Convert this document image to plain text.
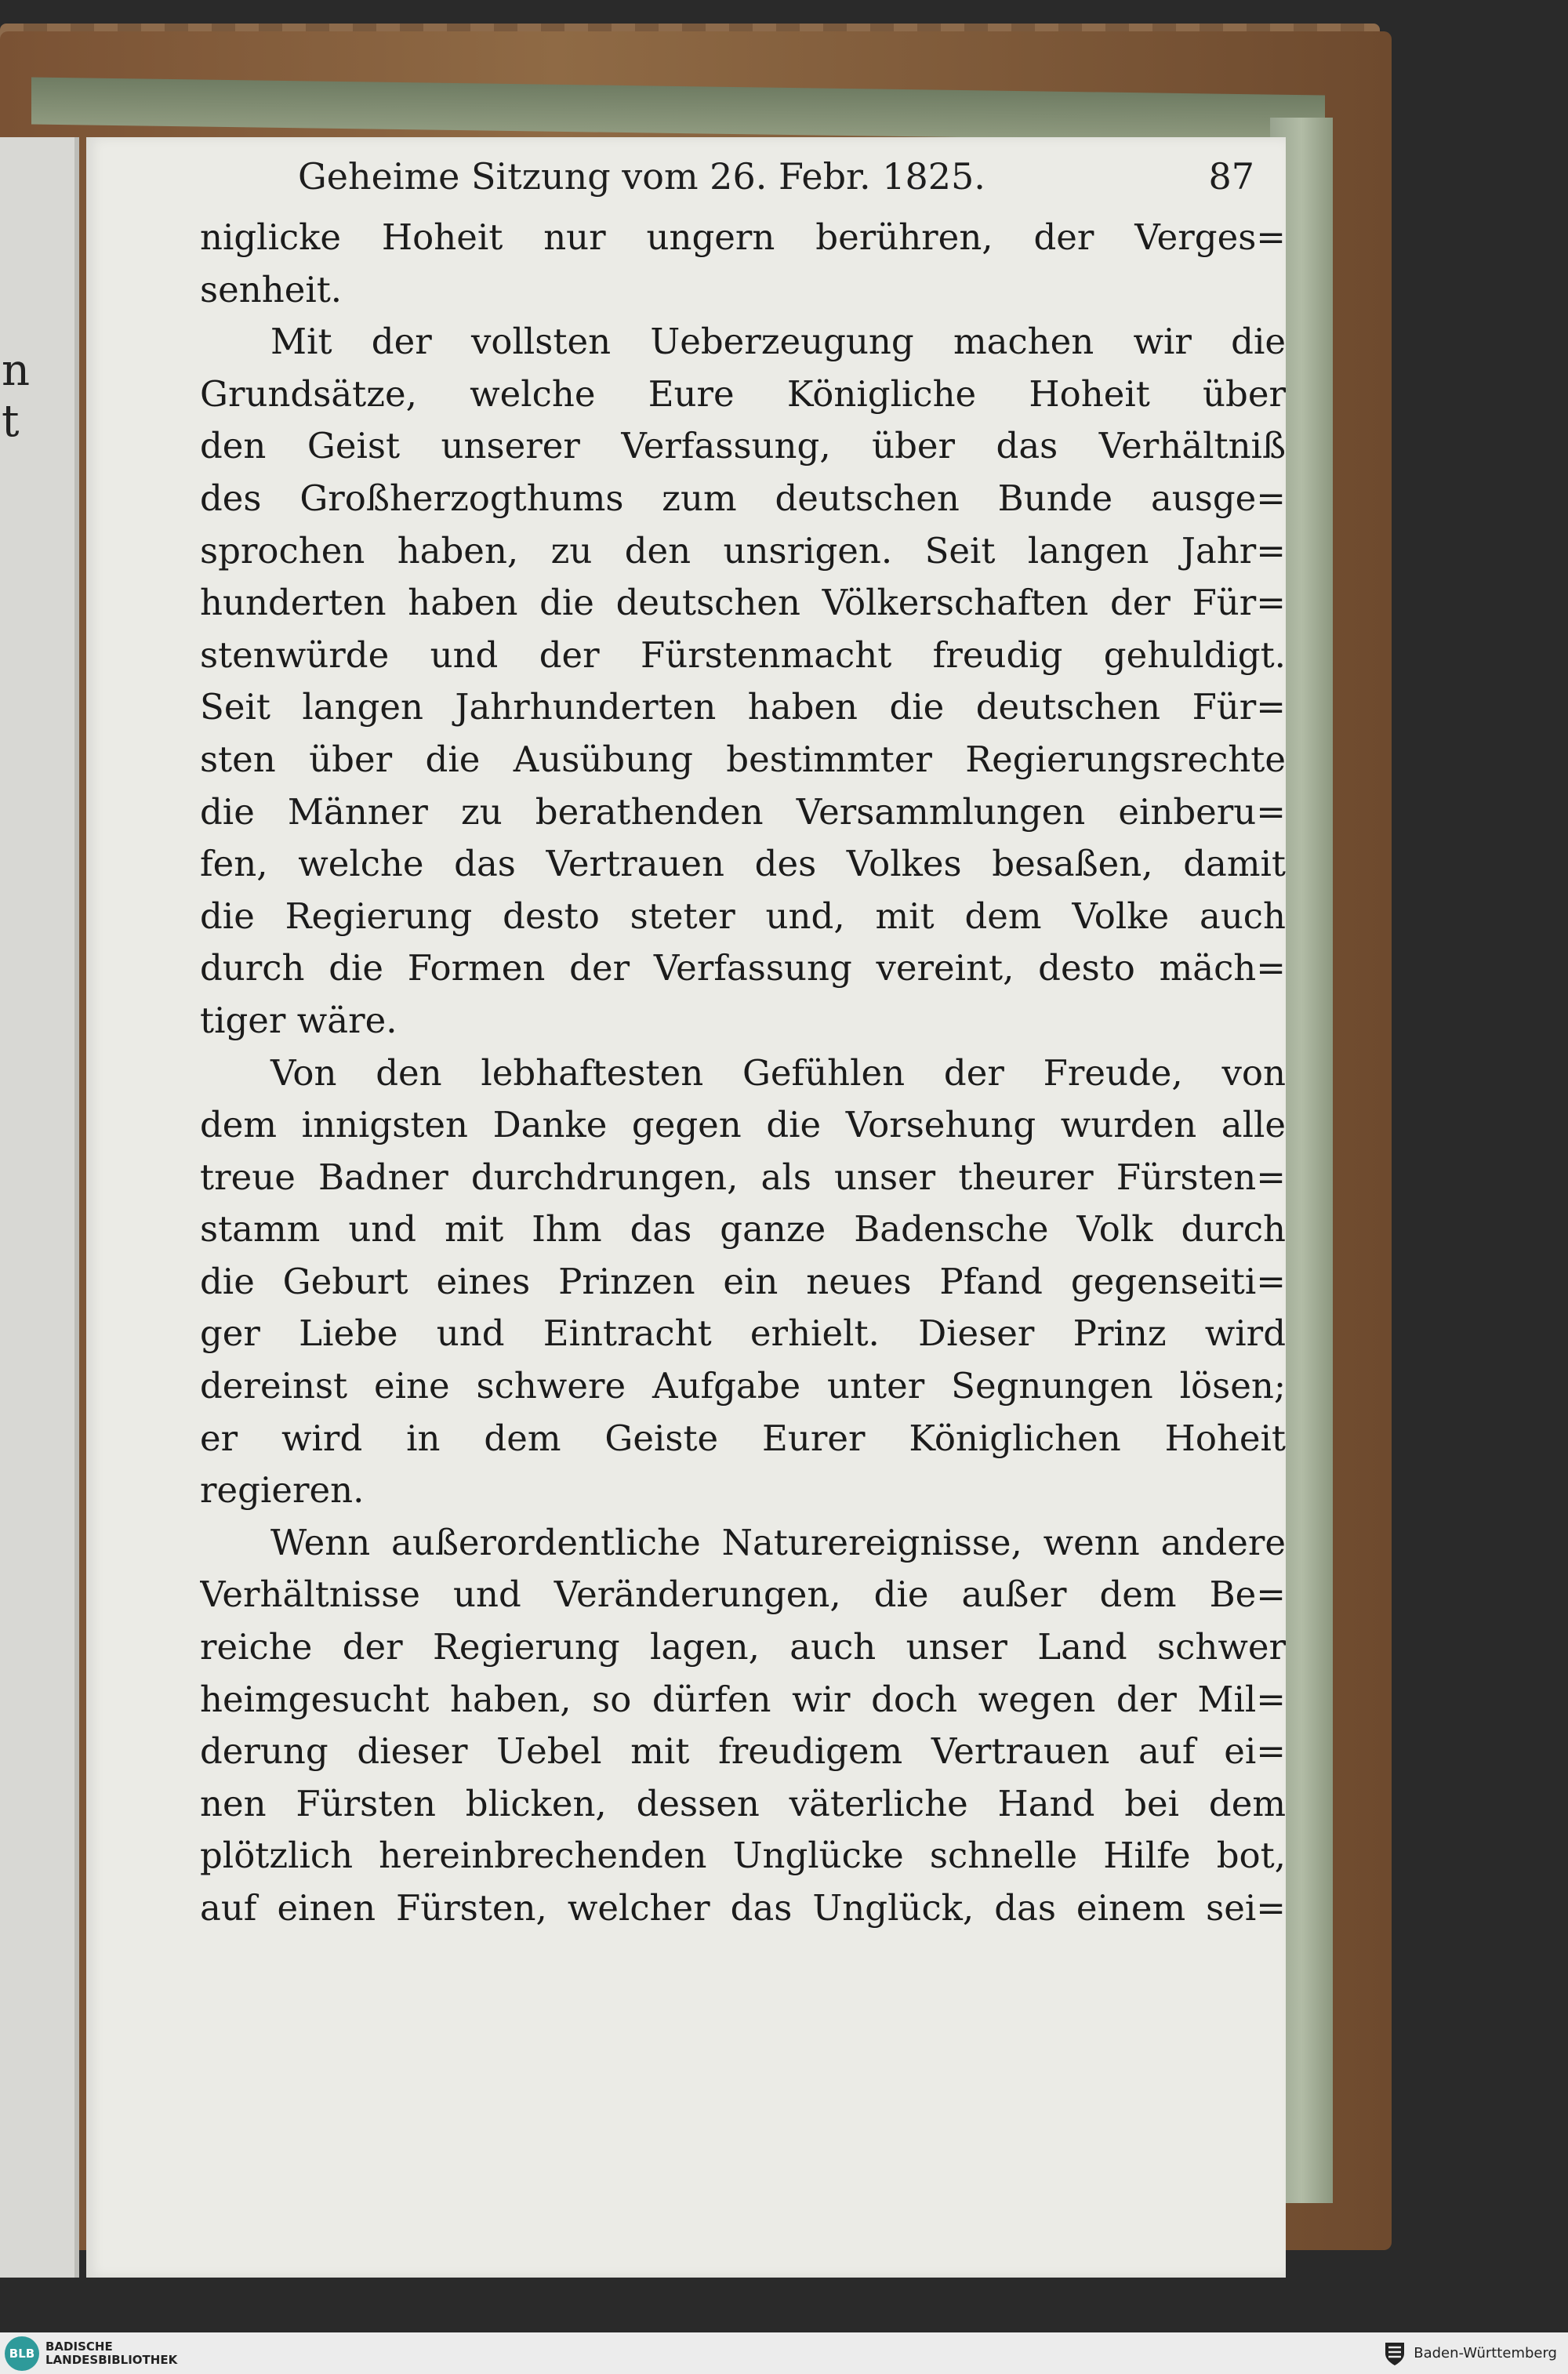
n
t
Geheime Sitzung vom 26. Febr. 1825.	87
niglicke Hoheit nur ungern berühren, der Verges=
senheit.
Mit der vollsten Ueberzeugung machen wir die
Grundsätze, welche Eure Königliche Hoheit über
den Geist unserer Verfassung, über das Verhältniß
des Großherzogthums zum deutschen Bunde ausge=
sprochen haben, zu den unsrigen. Seit langen Jahr=
hunderten haben die deutschen Völkerschaften der Für=
stenwürde und der Fürstenmacht freudig gehuldigt.
Seit langen Jahrhunderten haben die deutschen Für=
sten über die Ausübung bestimmter Regierungsrechte
die Männer zu berathenden Versammlungen einberu=
fen, welche das Vertrauen des Volkes besaßen, damit
die Regierung desto steter und, mit dem Volke auch
durch die Formen der Verfassung vereint, desto mäch=
tiger wäre.
Von den lebhaftesten Gefühlen der Freude, von
dem innigsten Danke gegen die Vorsehung wurden alle
treue Badner durchdrungen, als unser theurer Fürsten=
stamm und mit Ihm das ganze Badensche Volk durch
die Geburt eines Prinzen ein neues Pfand gegenseiti=
ger Liebe und Eintracht erhielt. Dieser Prinz wird
dereinst eine schwere Aufgabe unter Segnungen lösen;
er wird in dem Geiste Eurer Königlichen Hoheit
regieren.
Wenn außerordentliche Naturereignisse, wenn andere
Verhältnisse und Veränderungen, die außer dem Be=
reiche der Regierung lagen, auch unser Land schwer
heimgesucht haben, so dürfen wir doch wegen der Mil=
derung dieser Uebel mit freudigem Vertrauen auf ei=
nen Fürsten blicken, dessen väterliche Hand bei dem
plötzlich hereinbrechenden Unglücke schnelle Hilfe bot,
auf einen Fürsten, welcher das Unglück, das einem sei=
BLB BADISCHE
LANDESBIBLIOTHEK	Baden-Württemberg
